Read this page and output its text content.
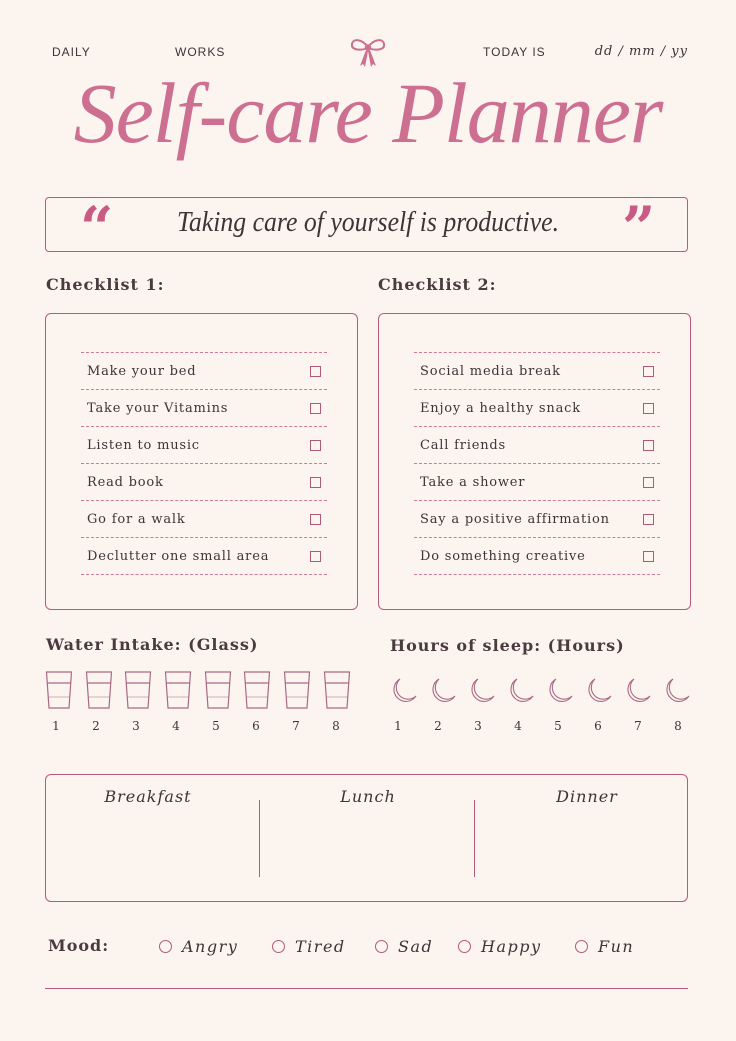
DAILY	WORKS	TODAY IS	dd / mm / yy
Self-care Planner
“	Taking care of yourself is productive.	”
Checklist 1:	Checklist 2:
Make your bed
Take your Vitamins
Listen to music
Read book
Go for a walk
Declutter one small area
Social media break
Enjoy a healthy snack
Call friends
Take a shower
Say a positive affirmation
Do something creative
Water Intake: (Glass)
1	2	3	4	5	6	7	8
Hours of sleep: (Hours)
1	2	3	4	5	6	7	8
Breakfast	Lunch	Dinner
Mood:	Angry	Tired	Sad	Happy	Fun
